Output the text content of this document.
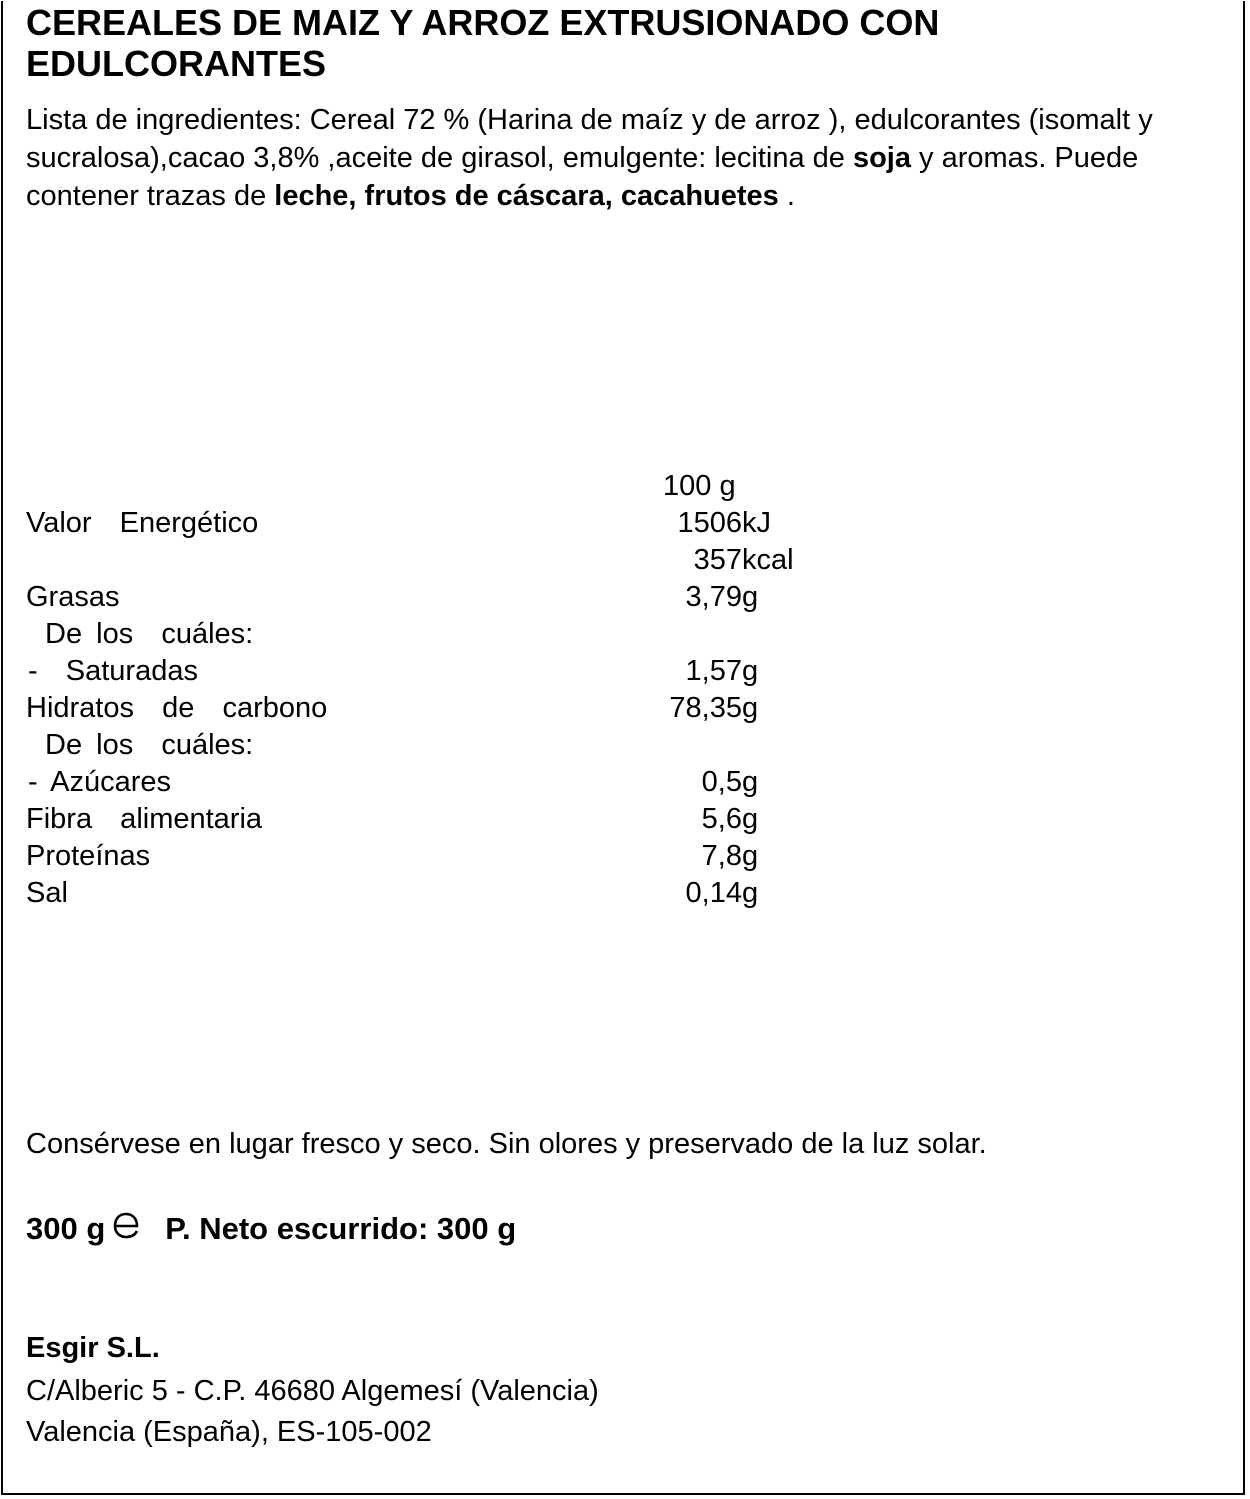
CEREALES DE MAIZ Y ARROZ EXTRUSIONADO CON EDULCORANTES
Lista de ingredientes: Cereal 72 % (Harina de maíz y de arroz ), edulcorantes (isomalt y sucralosa),cacao 3,8% ,aceite de girasol, emulgente: lecitina de soja y aromas. Puede contener trazas de leche, frutos de cáscara, cacahuetes .
100 g
Valor  Energético	1506 kJ
357 kcal
Grasas	3,79 g
De los  cuáles:
-  Saturadas	1,57 g
Hidratos  de  carbono	78,35 g
De los  cuáles:
- Azúcares	0,5 g
Fibra  alimentaria	5,6 g
Proteínas	7,8 g
Sal	0,14 g
Consérvese en lugar fresco y seco. Sin olores y preservado de la luz solar.
300 g P. Neto escurrido: 300 g
Esgir S.L.
C/Alberic 5 - C.P. 46680 Algemesí (Valencia)
Valencia (España), ES-105-002
